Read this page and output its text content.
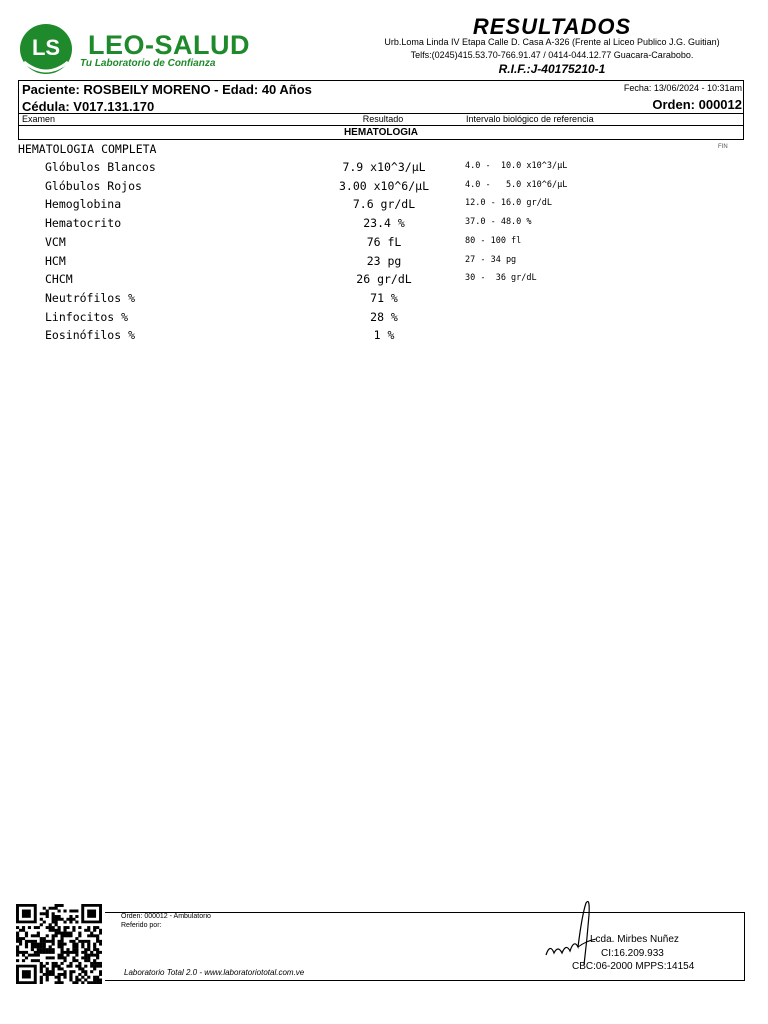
LS LEO-SALUD
Tu Laboratorio de Confianza
RESULTADOS
Urb.Loma Linda IV Etapa Calle D. Casa A-326 (Frente al Liceo Publico J.G. Guitian)
Telfs:(0245)415.53.70-766.91.47 / 0414-044.12.77 Guacara-Carabobo.
R.I.F.:J-40175210-1
Paciente: ROSBEILY MORENO - Edad: 40 Años
Cédula: V017.131.170
Fecha: 13/06/2024 - 10:31am
Orden: 000012
Examen	Resultado	Intervalo biológico de referencia
HEMATOLOGIA
HEMATOLOGIA COMPLETA	FIN
Glóbulos Blancos	7.9 x10^3/µL	4.0 -  10.0 x10^3/µL
Glóbulos Rojos	3.00 x10^6/µL	4.0 -   5.0 x10^6/µL
Hemoglobina	7.6 gr/dL	12.0 - 16.0 gr/dL
Hematocrito	23.4 %	37.0 - 48.0 %
VCM	76 fL	80 - 100 fl
HCM	23 pg	27 - 34 pg
CHCM	26 gr/dL	30 -  36 gr/dL
Neutrófilos %	71 %
Linfocitos %	28 %
Eosinófilos %	1 %
Orden: 000012 - Ambulatorio
Referido por:
Laboratorio Total 2.0 - www.laboratoriototal.com.ve
Lcda. Mirbes Nuñez
CI:16.209.933
CBC:06-2000 MPPS:14154
